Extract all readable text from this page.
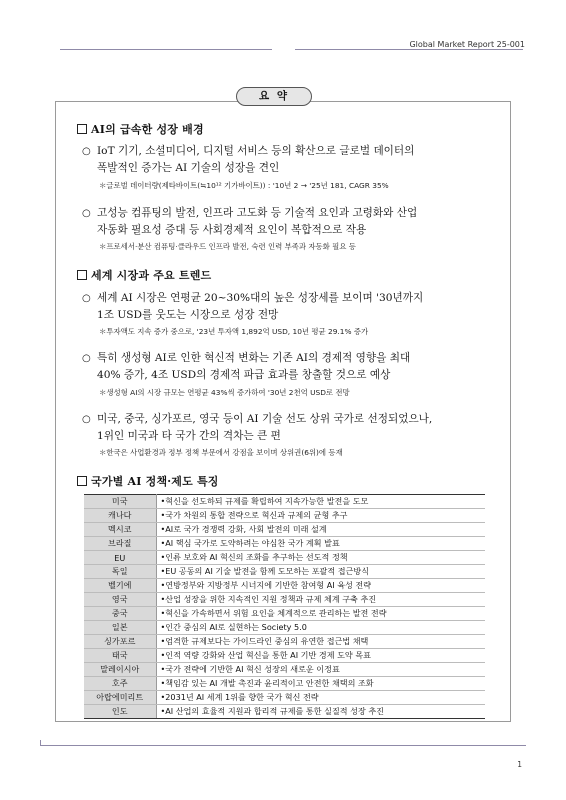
Global Market Report 25-001
요 약
AI의 급속한 성장 배경
○ IoT 기기, 소셜미디어, 디지털 서비스 등의 확산으로 글로벌 데이터의
폭발적인 증가는 AI 기술의 성장을 견인
＊글로벌 데이터량(제타바이트(≒10¹² 기가바이트)) : '10년 2 → '25년 181, CAGR 35%
○ 고성능 컴퓨팅의 발전, 인프라 고도화 등 기술적 요인과 고령화와 산업
자동화 필요성 증대 등 사회경제적 요인이 복합적으로 작용
＊프로세서·분산 컴퓨팅·클라우드 인프라 발전, 숙련 인력 부족과 자동화 필요 등
세계 시장과 주요 트렌드
○ 세계 AI 시장은 연평균 20~30%대의 높은 성장세를 보이며 '30년까지
1조 USD를 웃도는 시장으로 성장 전망
＊투자액도 지속 증가 중으로, '23년 투자액 1,892억 USD, 10년 평균 29.1% 증가
○ 특히 생성형 AI로 인한 혁신적 변화는 기존 AI의 경제적 영향을 최대
40% 증가, 4조 USD의 경제적 파급 효과를 창출할 것으로 예상
＊생성형 AI의 시장 규모는 연평균 43%씩 증가하여 '30년 2천억 USD로 전망
○ 미국, 중국, 싱가포르, 영국 등이 AI 기술 선도 상위 국가로 선정되었으나,
1위인 미국과 타 국가 간의 격차는 큰 편
＊한국은 사업환경과 정부 정책 부문에서 강점을 보이며 상위권(6위)에 등재
국가별 AI 정책·제도 특징
미국	•혁신을 선도하되 규제를 확립하여 지속가능한 발전을 도모
캐나다	•국가 차원의 통합 전략으로 혁신과 규제의 균형 추구
멕시코	•AI로 국가 경쟁력 강화, 사회 발전의 미래 설계
브라질	•AI 핵심 국가로 도약하려는 야심찬 국가 계획 발표
EU	•인류 보호와 AI 혁신의 조화를 추구하는 선도적 정책
독일	•EU 공동의 AI 기술 발전을 함께 도모하는 포괄적 접근방식
벨기에	•연방정부와 지방정부 시너지에 기반한 참여형 AI 육성 전략
영국	•산업 성장을 위한 지속적인 지원 정책과 규제 체계 구축 추진
중국	•혁신을 가속하면서 위험 요인을 체계적으로 관리하는 발전 전략
일본	•인간 중심의 AI로 실현하는 Society 5.0
싱가포르	•엄격한 규제보다는 가이드라인 중심의 유연한 접근법 채택
태국	•인적 역량 강화와 산업 혁신을 통한 AI 기반 경제 도약 목표
말레이시아	•국가 전략에 기반한 AI 혁신 성장의 새로운 이정표
호주	•책임감 있는 AI 개발 촉진과 윤리적이고 안전한 채택의 조화
아랍에미리트	•2031년 AI 세계 1위를 향한 국가 혁신 전략
인도	•AI 산업의 효율적 지원과 합리적 규제를 통한 실질적 성장 추진
1
